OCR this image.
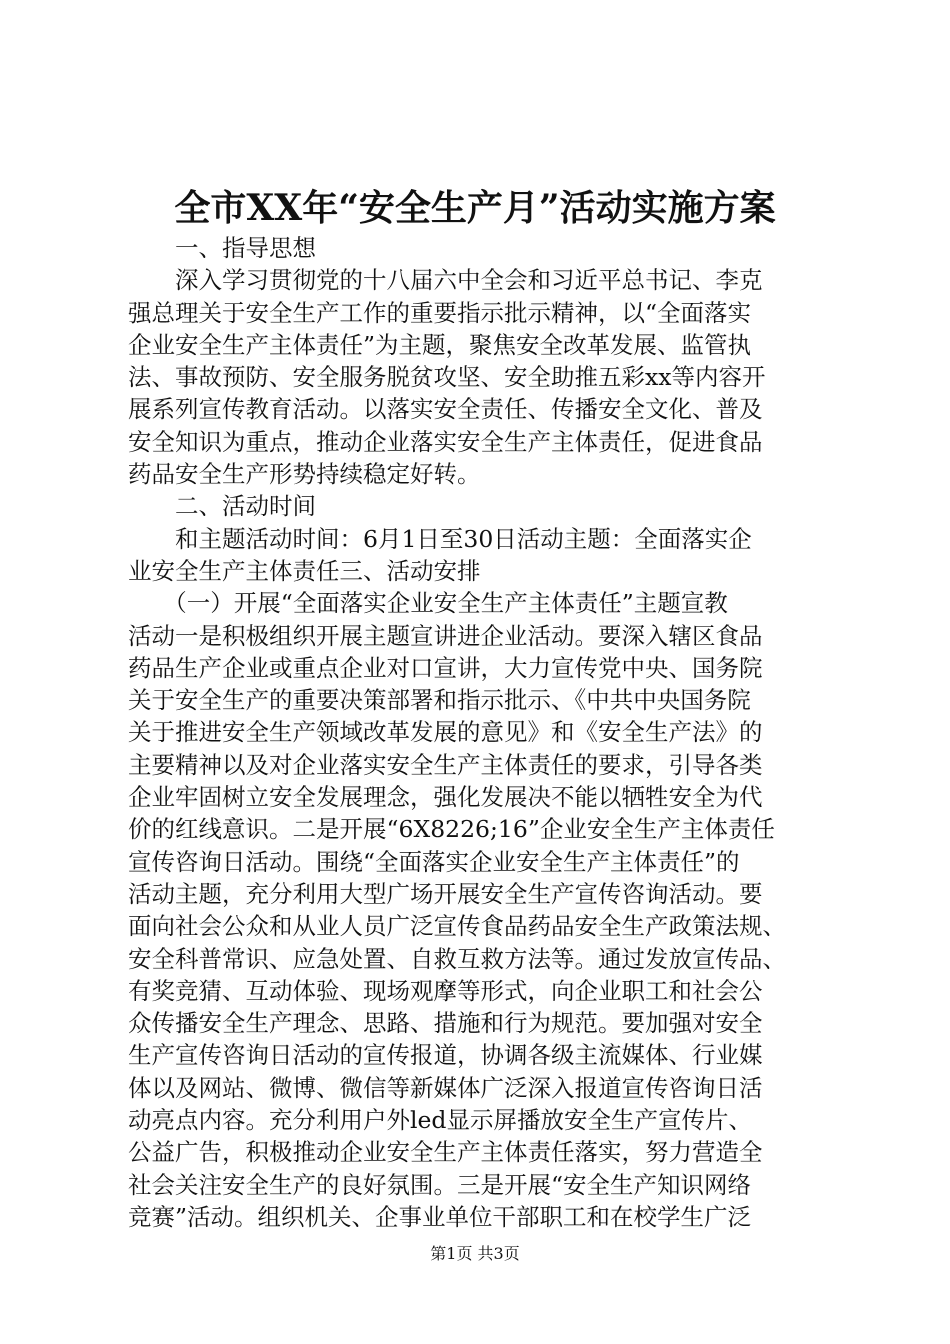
全市XX年“安全生产月”活动实施方案
　　一、指导思想
　　深入学习贯彻党的十八届六中全会和习近平总书记、李克
强总理关于安全生产工作的重要指示批示精神，以“全面落实
企业安全生产主体责任”为主题，聚焦安全改革发展、监管执
法、事故预防、安全服务脱贫攻坚、安全助推五彩xx等内容开
展系列宣传教育活动。以落实安全责任、传播安全文化、普及
安全知识为重点，推动企业落实安全生产主体责任，促进食品
药品安全生产形势持续稳定好转。
　　二、活动时间
　　和主题活动时间：6月1日至30日活动主题：全面落实企
业安全生产主体责任三、活动安排
　　（一）开展“全面落实企业安全生产主体责任”主题宣教
活动一是积极组织开展主题宣讲进企业活动。要深入辖区食品
药品生产企业或重点企业对口宣讲，大力宣传党中央、国务院
关于安全生产的重要决策部署和指示批示、《中共中央国务院
关于推进安全生产领域改革发展的意见》和《安全生产法》的
主要精神以及对企业落实安全生产主体责任的要求，引导各类
企业牢固树立安全发展理念，强化发展决不能以牺牲安全为代
价的红线意识。二是开展“6X8226;16”企业安全生产主体责任
宣传咨询日活动。围绕“全面落实企业安全生产主体责任”的
活动主题，充分利用大型广场开展安全生产宣传咨询活动。要
面向社会公众和从业人员广泛宣传食品药品安全生产政策法规、
安全科普常识、应急处置、自救互救方法等。通过发放宣传品、
有奖竞猜、互动体验、现场观摩等形式，向企业职工和社会公
众传播安全生产理念、思路、措施和行为规范。要加强对安全
生产宣传咨询日活动的宣传报道，协调各级主流媒体、行业媒
体以及网站、微博、微信等新媒体广泛深入报道宣传咨询日活
动亮点内容。充分利用户外led显示屏播放安全生产宣传片、
公益广告，积极推动企业安全生产主体责任落实，努力营造全
社会关注安全生产的良好氛围。三是开展“安全生产知识网络
竞赛”活动。组织机关、企事业单位干部职工和在校学生广泛
第1页 共3页
